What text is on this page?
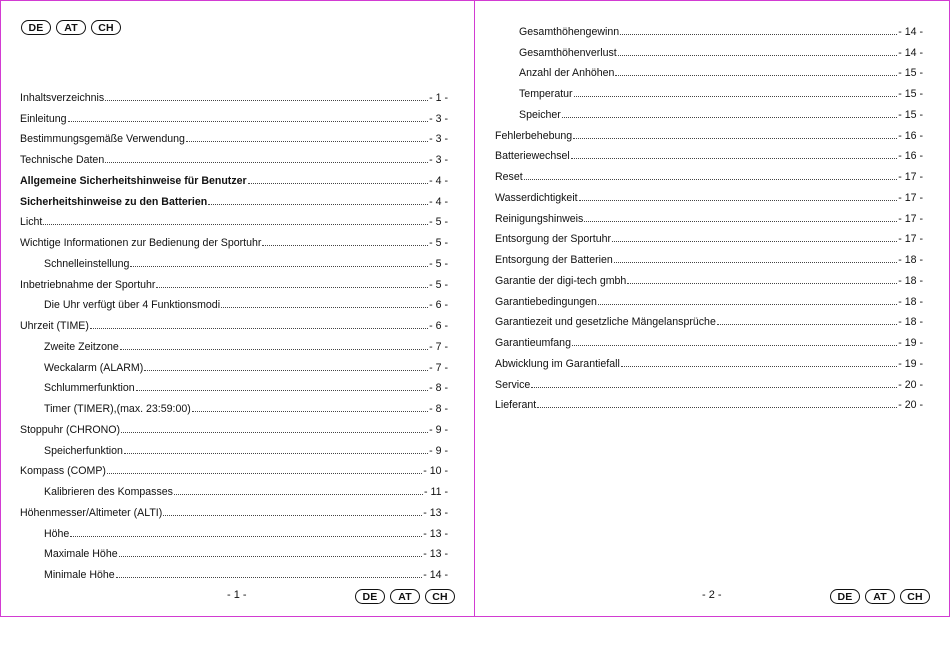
DE	AT	CH
Inhaltsverzeichnis	- 1 -
Einleitung	- 3 -
Bestimmungsgemäße Verwendung	- 3 -
Technische Daten	- 3 -
Allgemeine Sicherheitshinweise für Benutzer	- 4 -
Sicherheitshinweise zu den Batterien	- 4 -
Licht	- 5 -
Wichtige Informationen zur Bedienung der Sportuhr	- 5 -
Schnelleinstellung	- 5 -
Inbetriebnahme der Sportuhr	- 5 -
Die Uhr verfügt über 4 Funktionsmodi	- 6 -
Uhrzeit (TIME)	- 6 -
Zweite Zeitzone	- 7 -
Weckalarm (ALARM)	- 7 -
Schlummerfunktion	- 8 -
Timer (TIMER),(max. 23:59:00)	- 8 -
Stoppuhr (CHRONO)	- 9 -
Speicherfunktion	- 9 -
Kompass (COMP)	- 10 -
Kalibrieren des Kompasses	- 11 -
Höhenmesser/Altimeter (ALTI)	- 13 -
Höhe	- 13 -
Maximale Höhe	- 13 -
Minimale Höhe	- 14 -
- 1 -	DE	AT	CH
Gesamthöhengewinn	- 14 -
Gesamthöhenverlust	- 14 -
Anzahl der Anhöhen	- 15 -
Temperatur	- 15 -
Speicher	- 15 -
Fehlerbehebung	- 16 -
Batteriewechsel	- 16 -
Reset	- 17 -
Wasserdichtigkeit	- 17 -
Reinigungshinweis	- 17 -
Entsorgung der Sportuhr	- 17 -
Entsorgung der Batterien	- 18 -
Garantie der digi-tech gmbh	- 18 -
Garantiebedingungen	- 18 -
Garantiezeit und gesetzliche Mängelansprüche	- 18 -
Garantieumfang	- 19 -
Abwicklung im Garantiefall	- 19 -
Service	- 20 -
Lieferant	- 20 -
- 2 -	DE	AT	CH
